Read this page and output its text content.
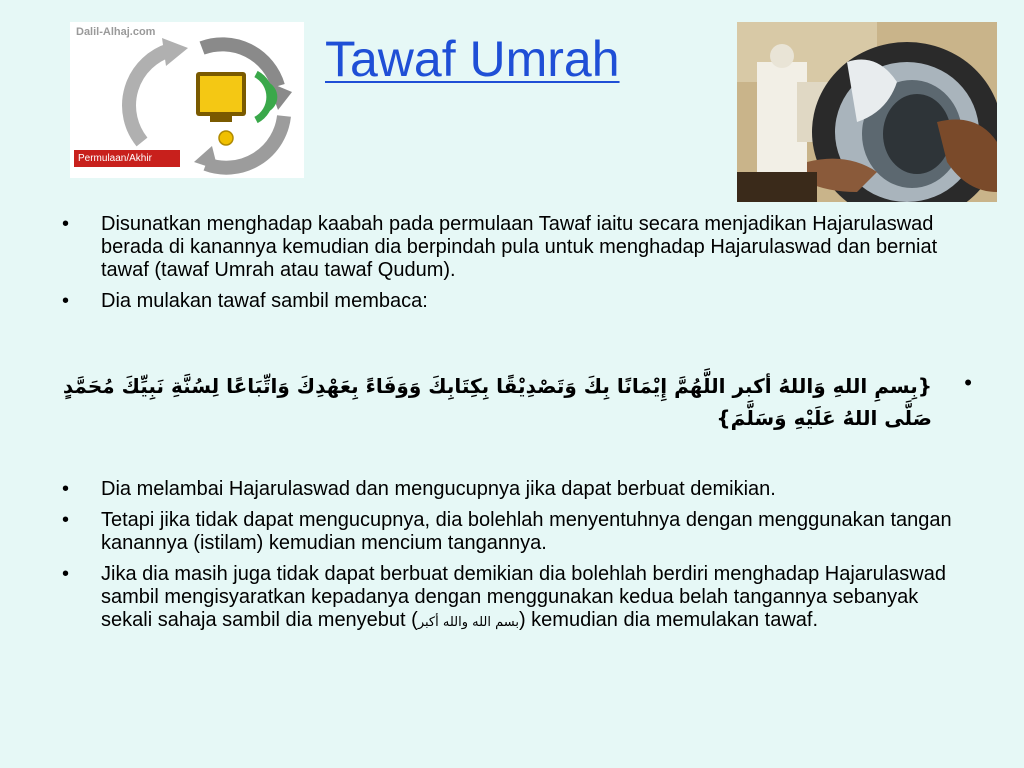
Dalil-Alhaj.com
Permulaan/Akhir
Tawaf Umrah
• Disunatkan menghadap kaabah pada permulaan Tawaf iaitu secara menjadikan Hajarulaswad berada di kanannya kemudian dia berpindah pula untuk menghadap Hajarulaswad dan berniat tawaf (tawaf Umrah atau tawaf Qudum).
• Dia mulakan tawaf sambil membaca:
•
{بِسمِ اللهِ وَاللهُ أكبر اللَّهُمَّ إِيْمَانًا بِكَ وَتَصْدِيْقًا بِكِتَابِكَ وَوَفَاءً بِعَهْدِكَ وَاتِّبَاعًا لِسُنَّةِ نَبِيِّكَ مُحَمَّدٍ صَلَّى اللهُ عَلَيْهِ وَسَلَّمَ}
• Dia melambai Hajarulaswad dan mengucupnya jika dapat berbuat demikian.
• Tetapi jika tidak dapat mengucupnya, dia bolehlah menyentuhnya dengan menggunakan tangan kanannya (istilam) kemudian mencium tangannya.
• Jika dia masih juga tidak dapat berbuat demikian dia bolehlah berdiri menghadap Hajarulaswad sambil mengisyaratkan kepadanya dengan menggunakan kedua belah tangannya sebanyak sekali sahaja sambil dia menyebut (بسم الله والله أكبر) kemudian dia memulakan tawaf.
